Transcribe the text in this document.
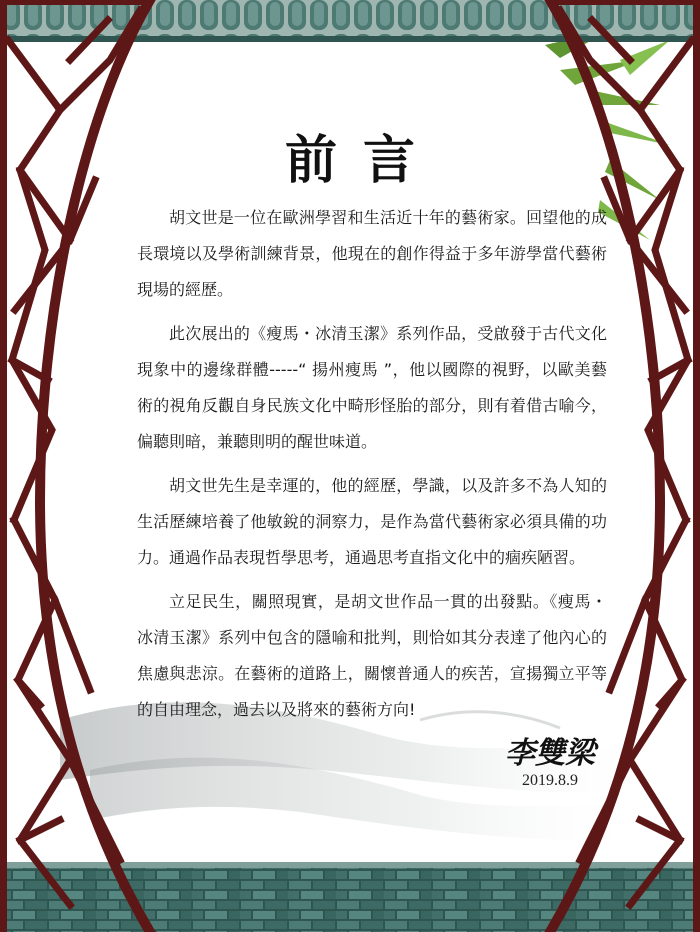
前言

胡文世是一位在歐洲學習和生活近十年的藝術家。回望他的成長環境以及學術訓練背景，他現在的創作得益于多年游學當代藝術現場的經歷。

此次展出的《瘦馬・冰清玉潔》系列作品，受啟發于古代文化現象中的邊缘群體-----“ 揚州瘦馬 ”，他以國際的視野，以歐美藝術的視角反觀自身民族文化中畸形怪胎的部分，則有着借古喻今，偏聽則暗，兼聽則明的醒世味道。

胡文世先生是幸運的，他的經歷，學識，以及許多不為人知的生活歷練培養了他敏銳的洞察力，是作為當代藝術家必須具備的功力。通過作品表現哲學思考，通過思考直指文化中的痼疾陋習。

立足民生，關照現實，是胡文世作品一貫的出發點。《瘦馬・冰清玉潔》系列中包含的隱喻和批判，則恰如其分表達了他內心的焦慮與悲涼。在藝術的道路上，關懷普通人的疾苦，宣揚獨立平等的自由理念，過去以及將來的藝術方向!

李雙梁
2019.8.9
